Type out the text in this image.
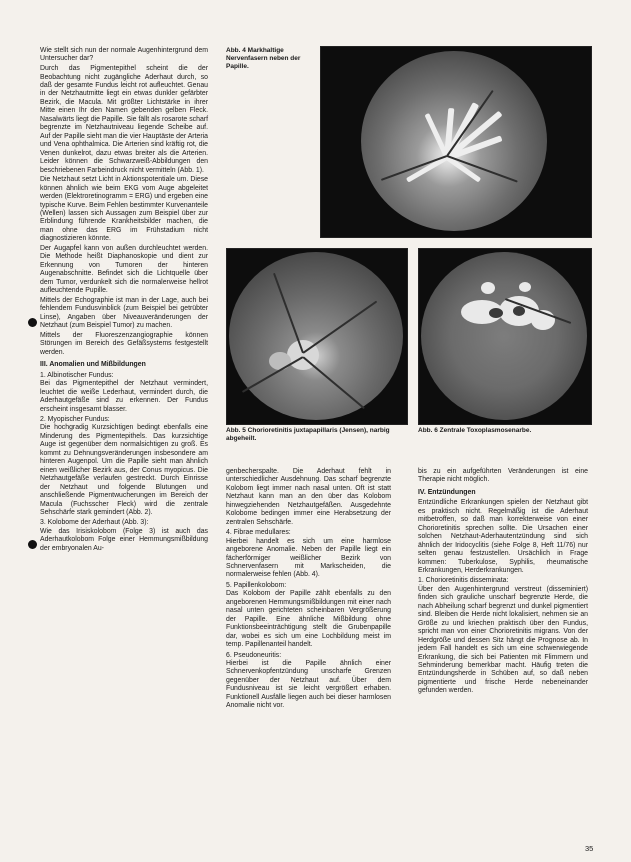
Wie stellt sich nun der normale Augenhintergrund dem Untersucher dar?

Durch das Pigmentepithel scheint die der Beobachtung nicht zugängliche Aderhaut durch, so daß der gesamte Fundus leicht rot aufleuchtet. Genau in der Netzhautmitte liegt ein etwas dunkler gefärbter Bezirk, die Macula. Mit größter Lichtstärke in ihrer Mitte einen Ihr den Namen gebenden gelben Fleck. Nasalwärts liegt die Papille. Sie fällt als rosarote scharf begrenzte im Netzhautniveau liegende Scheibe auf. Auf der Papille sieht man die vier Hauptäste der Arteria und Vena ophthalmica. Die Arterien sind kräftig rot, die Venen dunkelrot, dazu etwas breiter als die Arterien. Leider können die Schwarzweiß-Abbildungen den beschriebenen Farbeindruck nicht vermitteln (Abb. 1).

Die Netzhaut setzt Licht in Aktionspotentiale um. Diese können ähnlich wie beim EKG vom Auge abgeleitet werden (Elektroretinogramm = ERG) und ergeben eine typische Kurve. Beim Fehlen bestimmter Kurvenanteile (Wellen) lassen sich Aussagen zum Beispiel über zur Erblindung führende Krankheitsbilder machen, die man ohne das ERG im Frühstadium nicht diagnostizieren könnte.

Der Augapfel kann von außen durchleuchtet werden. Die Methode heißt Diaphanoskopie und dient zur Erkennung von Tumoren der hinteren Augenabschnitte. Befindet sich die Lichtquelle über dem Tumor, verdunkelt sich die normalerweise hellrot aufleuchtende Pupille.

Mittels der Echographie ist man in der Lage, auch bei fehlendem Fundusvinblick (zum Beispiel bei getrübter Linse), Angaben über Niveauveränderungen der Netzhaut (zum Beispiel Tumor) zu machen.

Mittels der Fluoreszenzangiographie können Störungen im Bereich des Gefäßsystems festgestellt werden.

III. Anomalien und Mißbildungen
1. Albinotischer Fundus:

Bei das Pigmentepithel der Netzhaut vermindert, leuchtet die weiße Lederhaut, vermindert durch, die Aderhautgefäße sind zu erkennen. Der Fundus erscheint insgesamt blasser.

2. Myopischer Fundus:

Die hochgradig Kurzsichtigen bedingt ebenfalls eine Minderung des Pigmentepithels. Das kurzsichtige Auge ist gegenüber dem normalsichtigen zu groß. Es kommt zu Dehnungsveränderungen insbesondere am hinteren Augenpol. Um die Papille sieht man ähnlich einen weißlicher Bezirk aus, der Conus myopicus. Die Netzhautgefäße verlaufen gestreckt. Durch Einrisse der Netzhaut und folgende Blutungen und anschließende Pigmentwucherungen im Bereich der Macula (Fuchsscher Fleck) wird die zentrale Sehschärfe stark gemindert (Abb. 2).

3. Kolobome der Aderhaut (Abb. 3):

Wie das Irisiskolobom (Folge 3) ist auch das Aderhautkolobom Folge einer Hemmungsmißbildung der embryonalen Au-

Abb. 4 Markhaltige Nervenfasern neben der Papille.
Abb. 5 Chorioretinitis juxtapapillaris (Jensen), narbig abgeheilt.
Abb. 6 Zentrale Toxoplasmosenarbe.

genbecherspalte. Die Aderhaut fehlt in unterschiedlicher Ausdehnung. Das scharf begrenzte Kolobom liegt immer nach nasal unten. Oft ist statt Netzhaut kann man an den über das Kolobom hinwegziehenden Netzhautgefäßen. Ausgedehnte Kolobome bedingen immer eine Herabsetzung der zentralen Sehschärfe.

4. Fibrae medullares:

Hierbei handelt es sich um eine harmlose angeborene Anomalie. Neben der Papille liegt ein fächerförmiger weißlicher Bezirk von Schnervenfasern mit Markscheiden, die normalerweise fehlen (Abb. 4).

5. Papillenkolobom:

Das Kolobom der Papille zählt ebenfalls zu den angeborenen Hemmungsmißbildungen mit einer nach nasal unten gerichteten scheinbaren Vergrößerung der Papille. Eine ähnliche Mißbildung ohne Funktionsbeeinträchtigung stellt die Grubenpapille dar, wobei es sich um eine Lochbildung meist im temp. Papillenanteil handelt.

6. Pseudoneuritis:

Hierbei ist die Papille ähnlich einer Schnervenkopfentzündung unscharfe Grenzen gegenüber der Netzhaut auf. Über dem Fundusniveau ist sie leicht vergrößert erhaben. Funktionell Ausfälle liegen auch bei dieser harmlosen Anomalie nicht vor.

bis zu ein aufgeführten Veränderungen ist eine Therapie nicht möglich.

IV. Entzündungen

Entzündliche Erkrankungen spielen der Netzhaut gibt es praktisch nicht. Regelmäßig ist die Aderhaut mitbetroffen, so daß man korrekterweise von einer Chorioretinitis sprechen sollte. Die Ursachen einer solchen Netzhaut-Aderhautentzündung sind sich ähnlich der Iridocyclitis (siehe Folge 8, Heft 11/76) nur selten genau festzustellen. Ursächlich in Frage kommen: Tuberkulose, Syphilis, rheumatische Erkrankungen, Herderkrankungen.

1. Chorioretinitis disseminata:

Über den Augenhintergrund verstreut (disseminiert) finden sich grauliche unscharf begrenzte Herde, die nach Abheilung scharf begrenzt und dunkel pigmentiert sind. Bleiben die Herde nicht lokalisiert, nehmen sie an Größe zu und kriechen praktisch über den Fundus, spricht man von einer Chorioretinitis migrans. Von der Herdgröße und dessen Sitz hängt die Prognose ab. In jedem Fall handelt es sich um eine schwerwiegende Erkrankung, die sich bei Patienten mit Flimmern und Sehminderung bemerkbar macht. Häufig treten die Entzündungsherde in Schüben auf, so daß neben pigmentierte und frische Herde nebeneinander gefunden werden.

35
